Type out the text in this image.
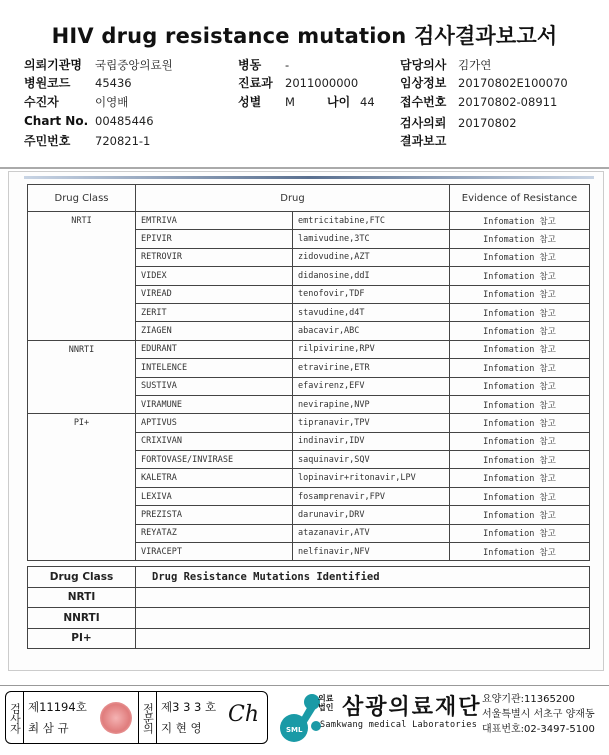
HIV drug resistance mutation 검사결과보고서
의뢰기관명 국립중앙의료원
병원코드 45436
수진자	이영배
Chart No. 00485446
주민번호 720821-1
병동 -
진료과 2011000000
성별 M
담당의사 김가연
임상정보 20170802E100070
접수번호 20170802-08911
검사의뢰 20170802
결과보고
나이 44
Drug Class	Drug		Evidence of Resistance
NRTI	EMTRIVA	emtricitabine,FTC	Infomation 참고
	EPIVIR	lamivudine,3TC	Infomation 참고
	RETROVIR	zidovudine,AZT	Infomation 참고
	VIDEX	didanosine,ddI	Infomation 참고
	VIREAD	tenofovir,TDF	Infomation 참고
	ZERIT	stavudine,d4T	Infomation 참고
	ZIAGEN	abacavir,ABC	Infomation 참고
NNRTI	EDURANT	rilpivirine,RPV	Infomation 참고
	INTELENCE	etravirine,ETR	Infomation 참고
	SUSTIVA	efavirenz,EFV	Infomation 참고
	VIRAMUNE	nevirapine,NVP	Infomation 참고
PI+	APTIVUS	tipranavir,TPV	Infomation 참고
	CRIXIVAN	indinavir,IDV	Infomation 참고
	FORTOVASE/INVIRASE	saquinavir,SQV	Infomation 참고
	KALETRA	lopinavir+ritonavir,LPV	Infomation 참고
	LEXIVA	fosamprenavir,FPV	Infomation 참고
	PREZISTA	darunavir,DRV	Infomation 참고
	REYATAZ	atazanavir,ATV	Infomation 참고
	VIRACEPT	nelfinavir,NFV	Infomation 참고
Drug Class	Drug Resistance Mutations Identified
NRTI	
NNRTI	
PI+	
검사자 제11194호
최 삼 규	전문의 제3 3 3 호
지 현 영
Ch
SML
의료
법인 삼광의료재단
Samkwang medical Laboratories
요양기관:11365200
서울특별시 서초구 양재동
대표번호:02-3497-5100
